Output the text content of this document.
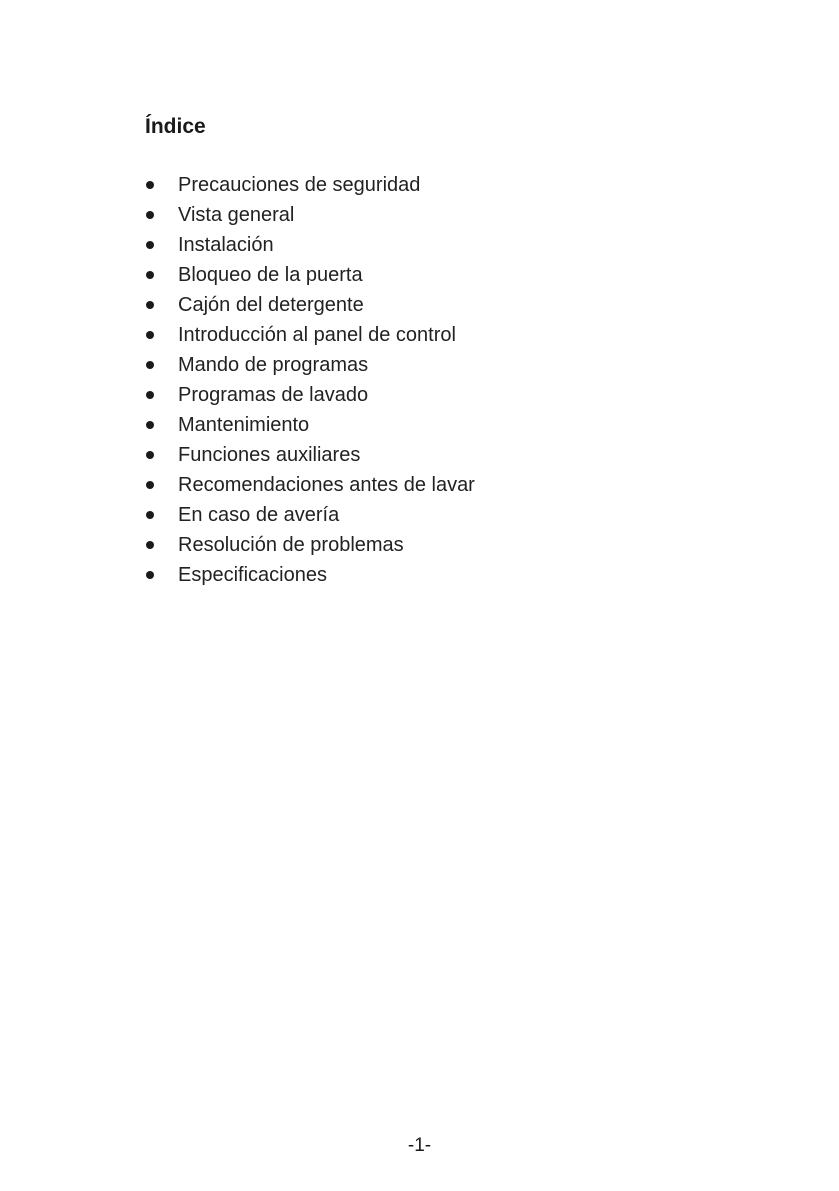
Índice
Precauciones de seguridad
Vista general
Instalación
Bloqueo de la puerta
Cajón del detergente
Introducción al panel de control
Mando de programas
Programas de lavado
Mantenimiento
Funciones auxiliares
Recomendaciones antes de lavar
En caso de avería
Resolución de problemas
Especificaciones
-1-
